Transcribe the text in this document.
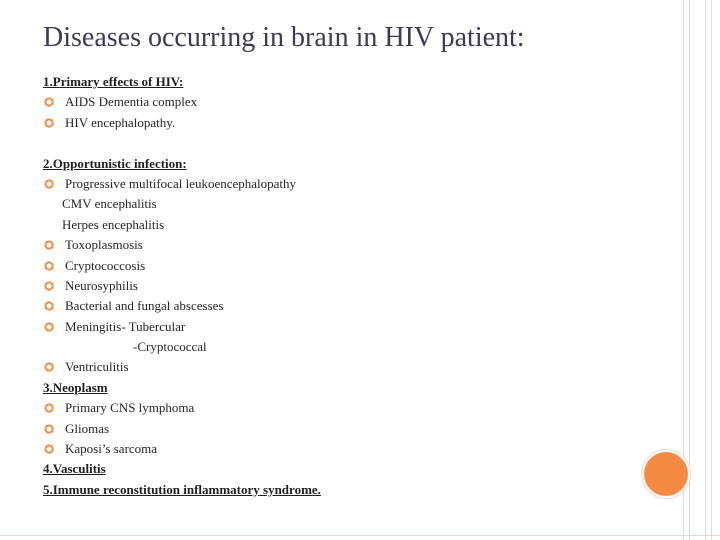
Diseases occurring in brain in HIV patient:
1.Primary effects of HIV:
AIDS Dementia complex
HIV encephalopathy.
2.Opportunistic infection:
Progressive multifocal leukoencephalopathy
CMV encephalitis
Herpes encephalitis
Toxoplasmosis
Cryptococcosis
Neurosyphilis
Bacterial and fungal abscesses
Meningitis- Tubercular
-Cryptococcal
Ventriculitis
3.Neoplasm
Primary CNS lymphoma
Gliomas
Kaposi’s sarcoma
4.Vasculitis
5.Immune reconstitution inflammatory syndrome.
